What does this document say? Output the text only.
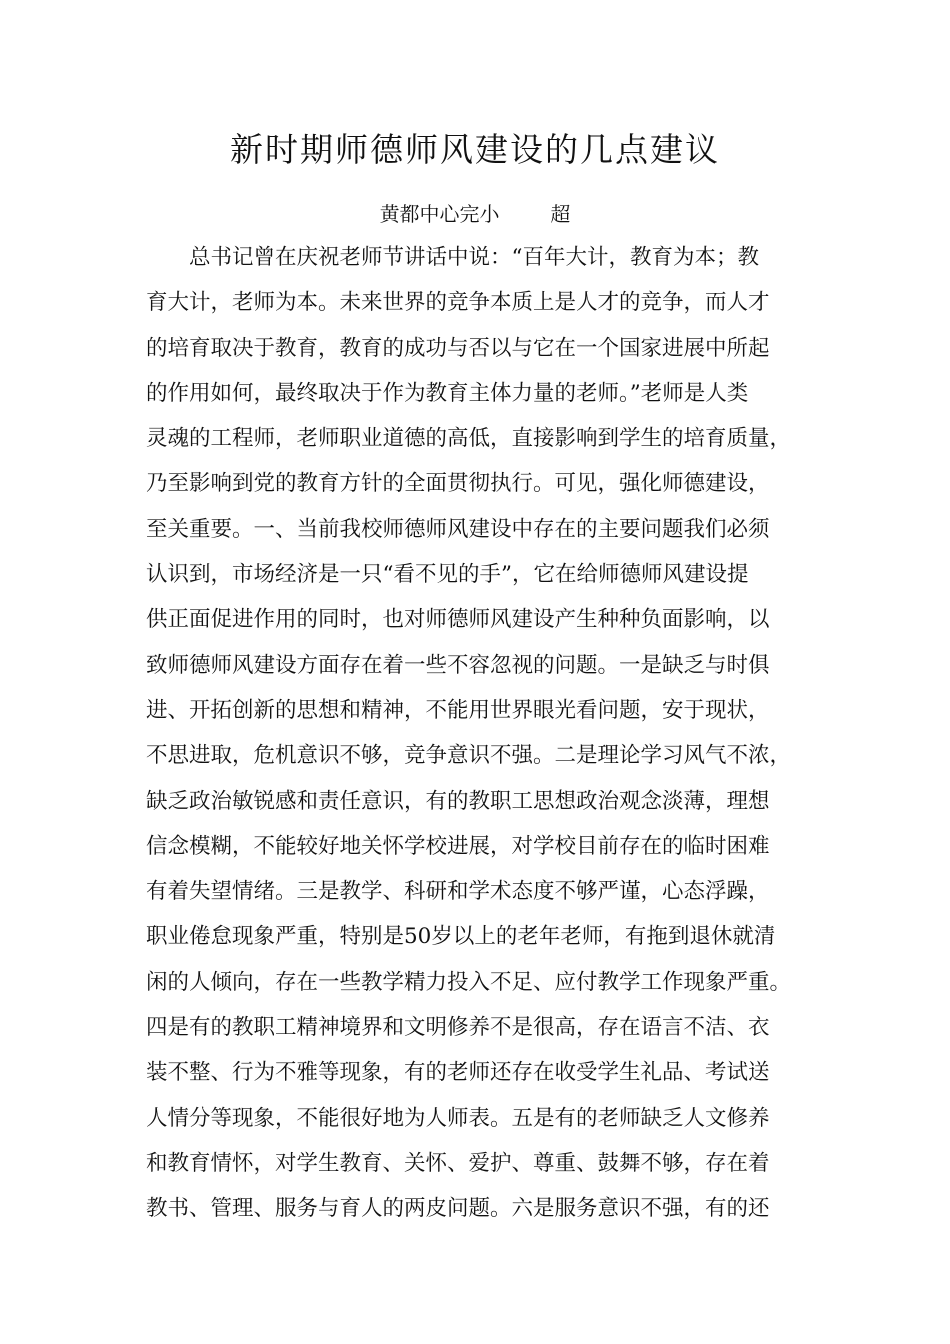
新时期师德师风建设的几点建议
黄都中心完小        超
总书记曾在庆祝老师节讲话中说：“百年大计，教育为本；教
育大计，老师为本。未来世界的竞争本质上是人才的竞争，而人才
的培育取决于教育，教育的成功与否以与它在一个国家进展中所起
的作用如何，最终取决于作为教育主体力量的老师。”老师是人类
灵魂的工程师，老师职业道德的高低，直接影响到学生的培育质量，
乃至影响到党的教育方针的全面贯彻执行。可见，强化师德建设，
至关重要。一、当前我校师德师风建设中存在的主要问题我们必须
认识到，市场经济是一只“看不见的手”，它在给师德师风建设提
供正面促进作用的同时，也对师德师风建设产生种种负面影响，以
致师德师风建设方面存在着一些不容忽视的问题。一是缺乏与时俱
进、开拓创新的思想和精神，不能用世界眼光看问题，安于现状，
不思进取，危机意识不够，竞争意识不强。二是理论学习风气不浓，
缺乏政治敏锐感和责任意识，有的教职工思想政治观念淡薄，理想
信念模糊，不能较好地关怀学校进展，对学校目前存在的临时困难
有着失望情绪。三是教学、科研和学术态度不够严谨，心态浮躁，
职业倦怠现象严重，特别是50岁以上的老年老师，有拖到退休就清
闲的人倾向，存在一些教学精力投入不足、应付教学工作现象严重。
四是有的教职工精神境界和文明修养不是很高，存在语言不洁、衣
装不整、行为不雅等现象，有的老师还存在收受学生礼品、考试送
人情分等现象，不能很好地为人师表。五是有的老师缺乏人文修养
和教育情怀，对学生教育、关怀、爱护、尊重、鼓舞不够，存在着
教书、管理、服务与育人的两皮问题。六是服务意识不强，有的还
